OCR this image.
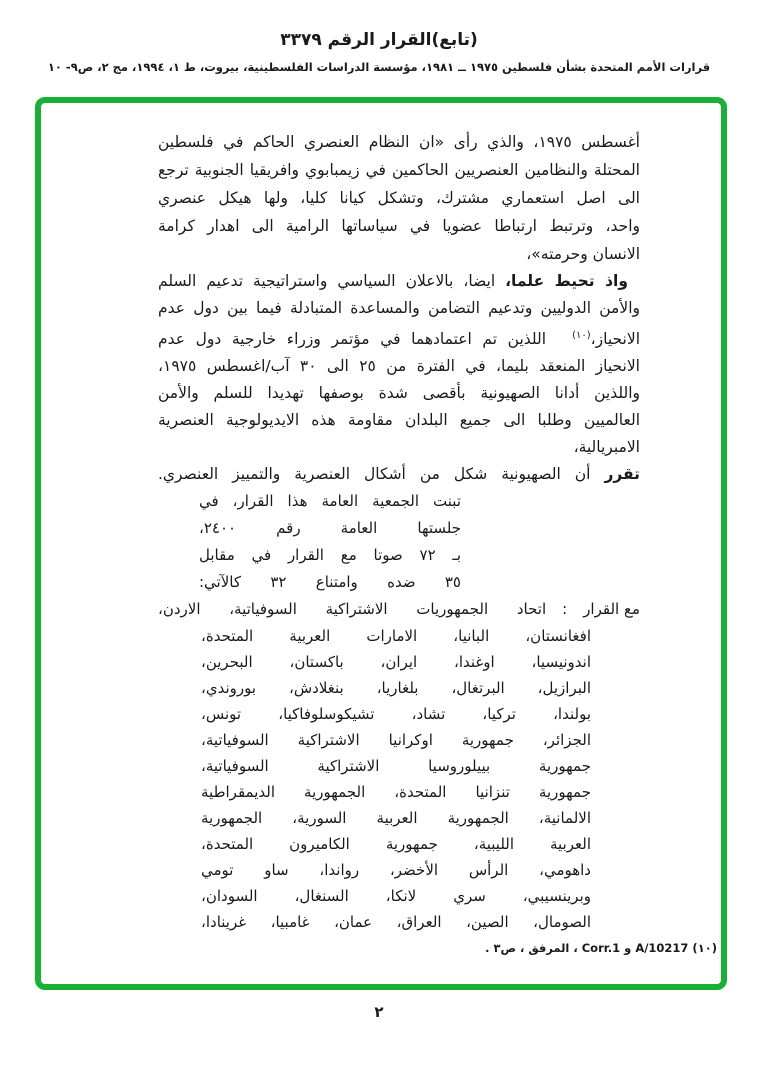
(تابع)القرار الرقم ٣٣٧٩
قرارات الأمم المتحدة بشأن فلسطين ١٩٧٥ ــ ١٩٨١، مؤسسة الدراسات الفلسطينية، بيروت، ط ١، ١٩٩٤، مج ٢، ص٩- ١٠
أغسطس ١٩٧٥، والذي رأى «ان النظام العنصري الحاكم في فلسطين
المحتلة والنظامين العنصريين الحاكمين في زيمبابوي وافريقيا الجنوبية ترجع
الى اصل استعماري مشترك، وتشكل كيانا كليا، ولها هيكل عنصري
واحد، وترتبط ارتباطا عضويا في سياساتها الرامية الى اهدار كرامة
الانسان وحرمته»،
واذ تحيط علما، ايضا، بالاعلان السياسي واستراتيجية تدعيم السلم
والأمن الدوليين وتدعيم التضامن والمساعدة المتبادلة فيما بين دول عدم
الانحياز،$^{(١٠)}$اللذين تم اعتمادهما في مؤتمر وزراء خارجية دول عدم
الانحياز المنعقد بليما، في الفترة من ٢٥ الى ٣٠ آب/اغسطس ١٩٧٥،
واللذين أدانا الصهيونية بأقصى شدة بوصفها تهديدا للسلم والأمن
العالميين وطلبا الى جميع البلدان مقاومة هذه الايديولوجية العنصرية
الامبريالية،
تقرر أن الصهيونية شكل من أشكال العنصرية والتمييز العنصري.
تبنت الجمعية العامة هذا القرار، في
جلستها العامة رقم ٢٤٠٠،
بـ ٧٢ صوتا مع القرار في مقابل
٣٥ ضده وامتناع ٣٢ كالآتي:
مع القرار
:
اتحاد الجمهوريات الاشتراكية السوفياتية، الاردن،
افغانستان، البانيا، الامارات العربية المتحدة،
اندونيسيا، اوغندا، ايران، باكستان، البحرين،
البرازيل، البرتغال، بلغاريا، بنغلادش، بوروندي،
بولندا، تركيا، تشاد، تشيكوسلوفاكيا، تونس،
الجزائر، جمهورية اوكرانيا الاشتراكية السوفياتية،
جمهورية بييلوروسيا الاشتراكية السوفياتية،
جمهورية تنزانيا المتحدة، الجمهورية الديمقراطية
الالمانية، الجمهورية العربية السورية، الجمهورية
العربية الليبية، جمهورية الكاميرون المتحدة،
داهومي، الرأس الأخضر، رواندا، ساو تومي
وبرينسيبي، سري لانكا، السنغال، السودان،
الصومال، الصين، العراق، عمان، غامبيا، غرينادا،
(١٠) A/10217 و Corr.1 ، المرفق ، ص٣ .
٢
